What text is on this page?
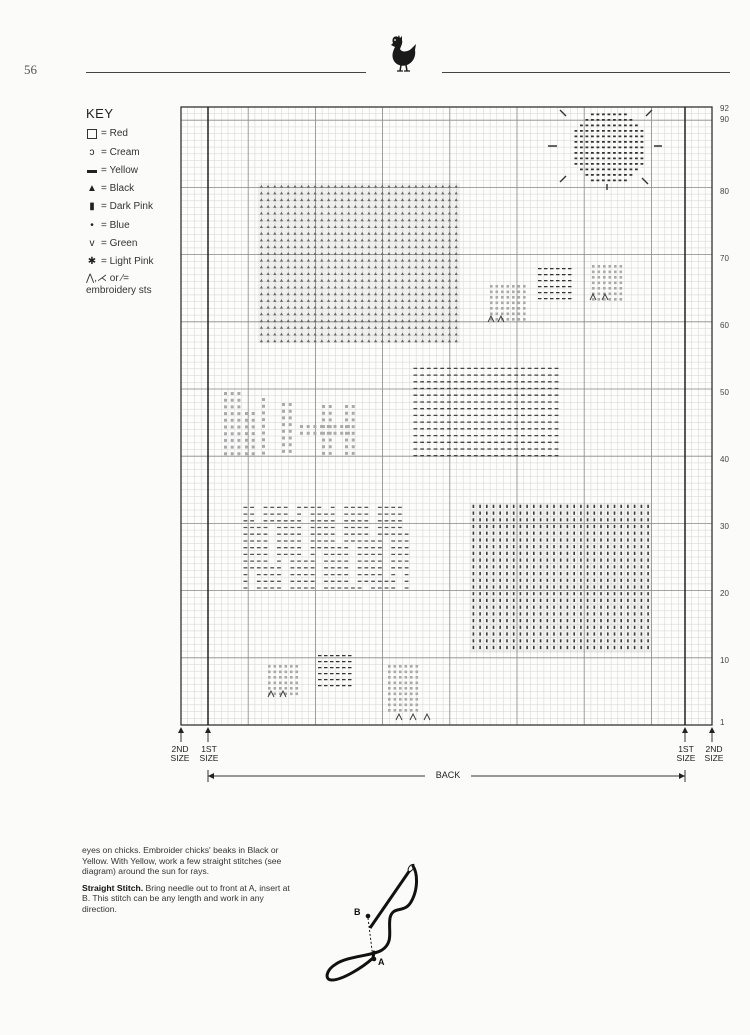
56
KEY
= Red
ↄ = Cream
▬ = Yellow
▲ = Black
▮ = Dark Pink
• = Blue
v = Green
✱ = Light Pink
⋀,⋌ or ⁄=
embroidery sts
92
90
80
70
60
50
40
30
20
10
1
2ND
SIZE
1ST
SIZE
1ST
SIZE
2ND
SIZE
BACK

eyes on chicks. Embroider chicks' beaks in Black or Yellow. With Yellow, work a few straight stitches (see diagram) around the sun for rays.

Straight Stitch. Bring needle out to front at A, insert at B. This stitch can be any length and work in any direction.	B
A
